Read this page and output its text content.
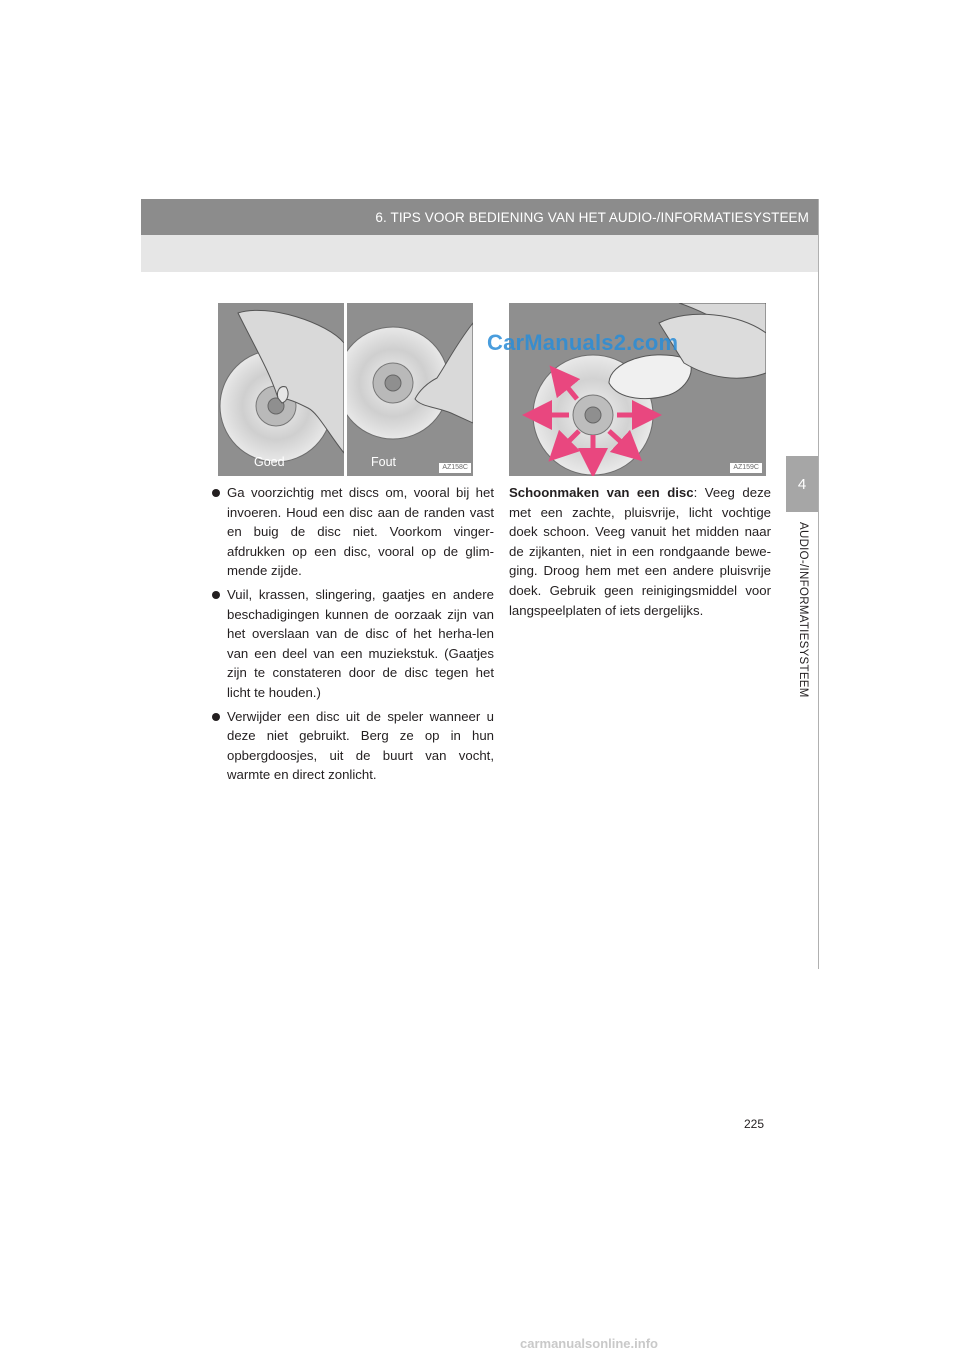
6. TIPS VOOR BEDIENING VAN HET AUDIO-/INFORMATIESYSTEEM
4
AUDIO-/INFORMATIESYSTEEM
Goed	Fout	AZ158C	AZ159C
CarManuals2.com
Ga voorzichtig met discs om, vooral bij het invoeren. Houd een disc aan de randen vast en buig de disc niet. Voorkom vinger-afdrukken op een disc, vooral op de glim-mende zijde.
Vuil, krassen, slingering, gaatjes en andere beschadigingen kunnen de oorzaak zijn van het overslaan van de disc of het herha-len van een deel van een muziekstuk. (Gaatjes zijn te constateren door de disc tegen het licht te houden.)
Verwijder een disc uit de speler wanneer u deze niet gebruikt. Berg ze op in hun opbergdoosjes, uit de buurt van vocht, warmte en direct zonlicht.
Schoonmaken van een disc: Veeg deze met een zachte, pluisvrije, licht vochtige doek schoon. Veeg vanuit het midden naar de zijkanten, niet in een rondgaande bewe-ging. Droog hem met een andere pluisvrije doek. Gebruik geen reinigingsmiddel voor langspeelplaten of iets dergelijks.
225
carmanualsonline.info
